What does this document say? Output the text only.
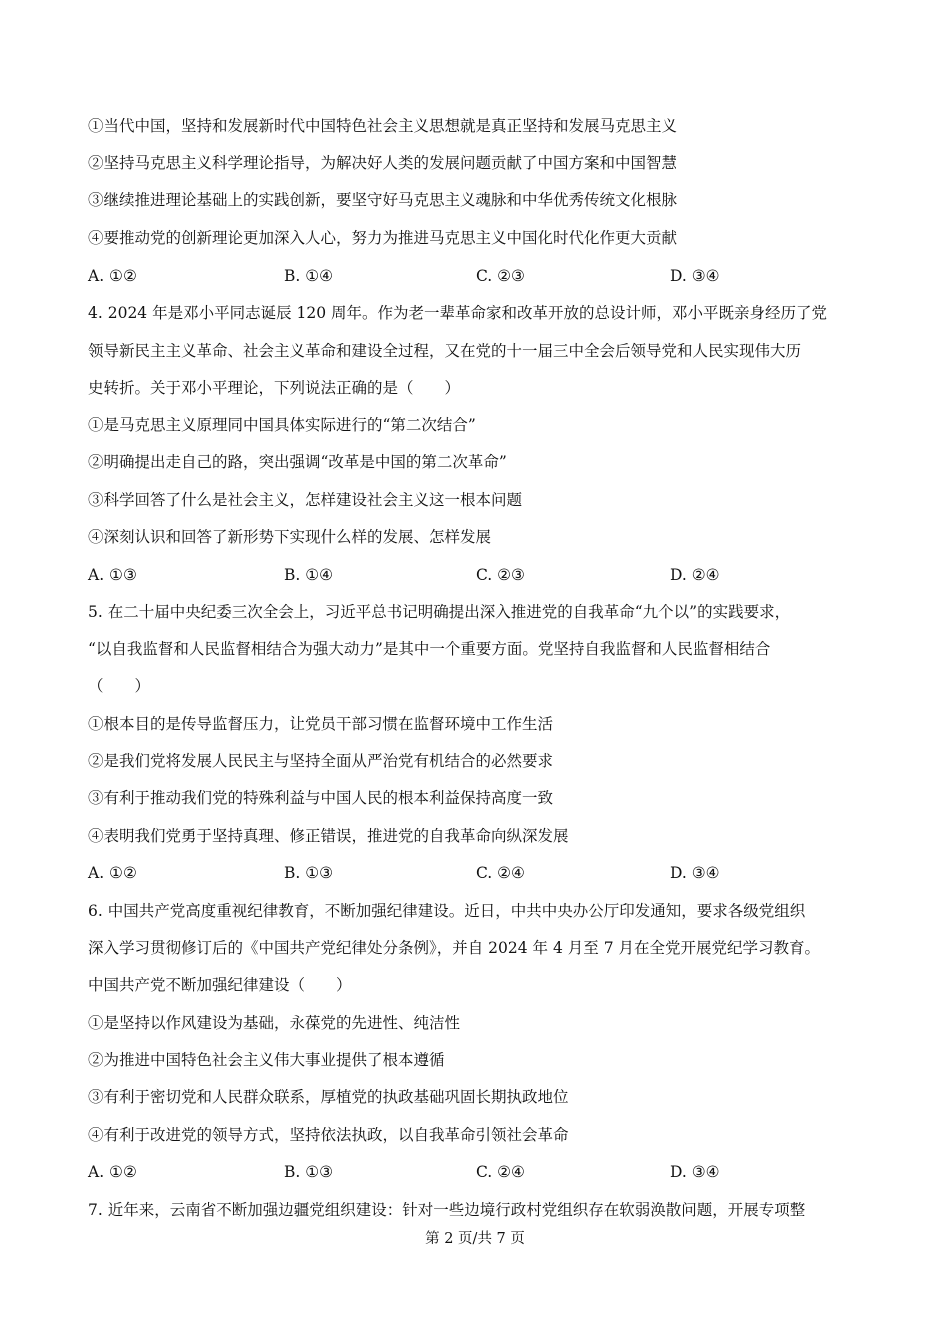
①当代中国，坚持和发展新时代中国特色社会主义思想就是真正坚持和发展马克思主义
②坚持马克思主义科学理论指导，为解决好人类的发展问题贡献了中国方案和中国智慧
③继续推进理论基础上的实践创新，要坚守好马克思主义魂脉和中华优秀传统文化根脉
④要推动党的创新理论更加深入人心，努力为推进马克思主义中国化时代化作更大贡献
A. ①②	B. ①④	C. ②③	D. ③④
4. 2024 年是邓小平同志诞辰 120 周年。作为老一辈革命家和改革开放的总设计师，邓小平既亲身经历了党
领导新民主主义革命、社会主义革命和建设全过程，又在党的十一届三中全会后领导党和人民实现伟大历
史转折。关于邓小平理论，下列说法正确的是（　　）
①是马克思主义原理同中国具体实际进行的“第二次结合”
②明确提出走自己的路，突出强调“改革是中国的第二次革命”
③科学回答了什么是社会主义，怎样建设社会主义这一根本问题
④深刻认识和回答了新形势下实现什么样的发展、怎样发展
A. ①③	B. ①④	C. ②③	D. ②④
5. 在二十届中央纪委三次全会上，习近平总书记明确提出深入推进党的自我革命“九个以”的实践要求，
“以自我监督和人民监督相结合为强大动力”是其中一个重要方面。党坚持自我监督和人民监督相结合
（　　）
①根本目的是传导监督压力，让党员干部习惯在监督环境中工作生活
②是我们党将发展人民民主与坚持全面从严治党有机结合的必然要求
③有利于推动我们党的特殊利益与中国人民的根本利益保持高度一致
④表明我们党勇于坚持真理、修正错误，推进党的自我革命向纵深发展
A. ①②	B. ①③	C. ②④	D. ③④
6. 中国共产党高度重视纪律教育，不断加强纪律建设。近日，中共中央办公厅印发通知，要求各级党组织
深入学习贯彻修订后的《中国共产党纪律处分条例》，并自 2024 年 4 月至 7 月在全党开展党纪学习教育。
中国共产党不断加强纪律建设（　　）
①是坚持以作风建设为基础，永葆党的先进性、纯洁性
②为推进中国特色社会主义伟大事业提供了根本遵循
③有利于密切党和人民群众联系，厚植党的执政基础巩固长期执政地位
④有利于改进党的领导方式，坚持依法执政，以自我革命引领社会革命
A. ①②	B. ①③	C. ②④	D. ③④
7. 近年来，云南省不断加强边疆党组织建设：针对一些边境行政村党组织存在软弱涣散问题，开展专项整
第 2 页/共 7 页
